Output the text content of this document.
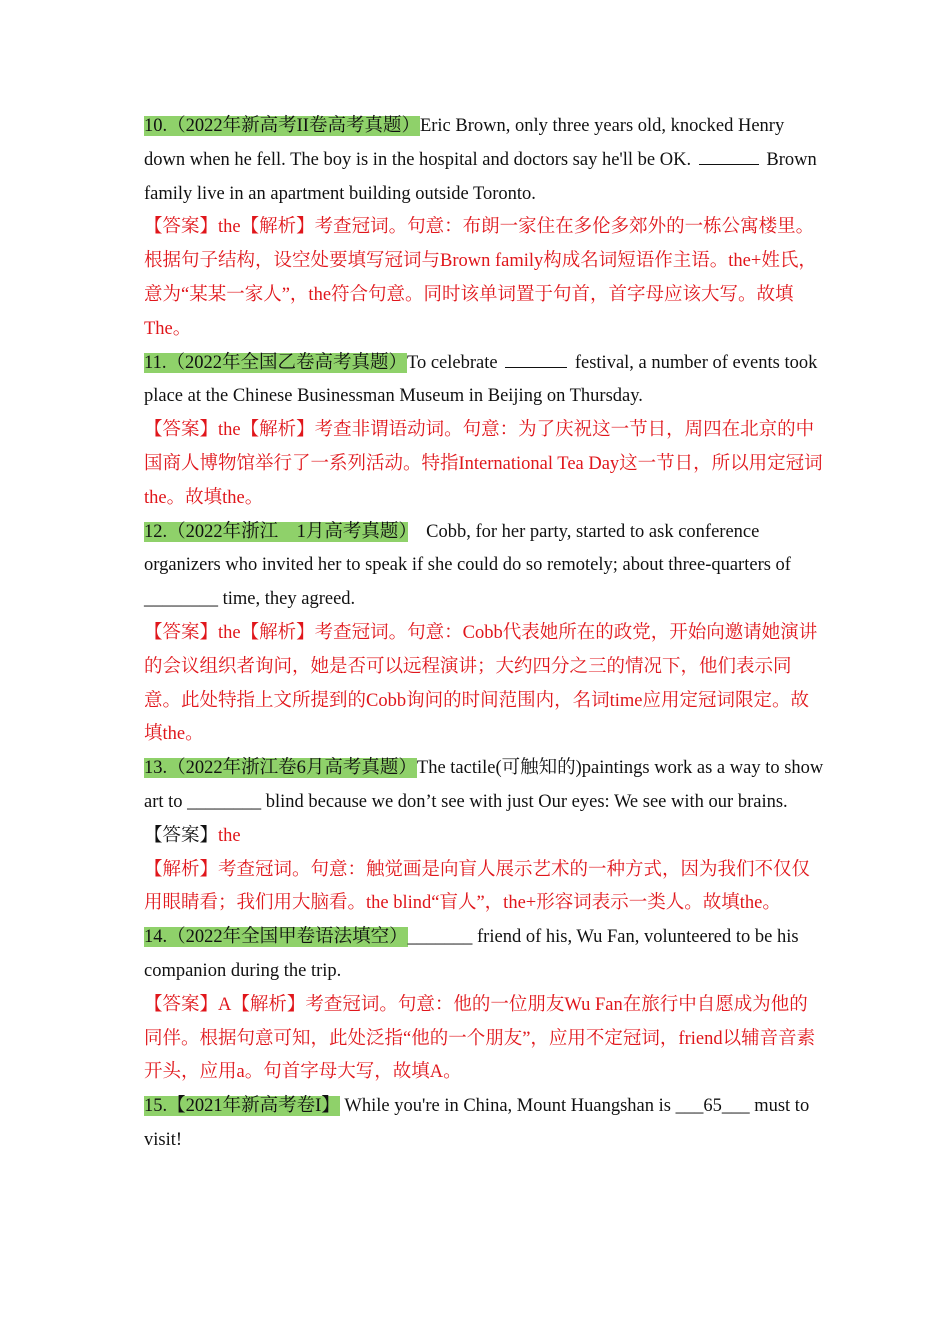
10.（2022年新高考II卷高考真题）Eric Brown, only three years old, knocked Henry down when he fell. The boy is in the hospital and doctors say he'll be OK.	Brown family live in an apartment building outside Toronto.

【答案】the【解析】考查冠词。句意：布朗一家住在多伦多郊外的一栋公寓楼里。根据句子结构，设空处要填写冠词与Brown family构成名词短语作主语。the+姓氏，意为“某某一家人”，the符合句意。同时该单词置于句首，首字母应该大写。故填The。

11.（2022年全国乙卷高考真题）To celebrate	festival, a number of events took place at the Chinese Businessman Museum in Beijing on Thursday.

【答案】the【解析】考查非谓语动词。句意：为了庆祝这一节日，周四在北京的中国商人博物馆举行了一系列活动。特指International Tea Day这一节日，所以用定冠词the。故填the。

12.（2022年浙江　1月高考真题）　Cobb, for her party, started to ask conference organizers who invited her to speak if she could do so remotely; about three-quarters of ________ time, they agreed.

【答案】the【解析】考查冠词。句意：Cobb代表她所在的政党，开始向邀请她演讲的会议组织者询问，她是否可以远程演讲；大约四分之三的情况下，他们表示同意。此处特指上文所提到的Cobb询问的时间范围内，名词time应用定冠词限定。故填the。

13.（2022年浙江卷6月高考真题）The tactile(可触知的)paintings work as a way to show art to ________ blind because we don’t see with just Our eyes: We see with our brains.

【答案】the

【解析】考查冠词。句意：触觉画是向盲人展示艺术的一种方式，因为我们不仅仅用眼睛看；我们用大脑看。the blind“盲人”，the+形容词表示一类人。故填the。

14.（2022年全国甲卷语法填空）_______ friend of his, Wu Fan, volunteered to be his companion during the trip.

【答案】A【解析】考查冠词。句意：他的一位朋友Wu Fan在旅行中自愿成为他的同伴。根据句意可知，此处泛指“他的一个朋友”，应用不定冠词，friend以辅音音素开头，应用a。句首字母大写，故填A。

15.【2021年新高考卷I】 While you're in China, Mount Huangshan is ___65___ must to visit!
